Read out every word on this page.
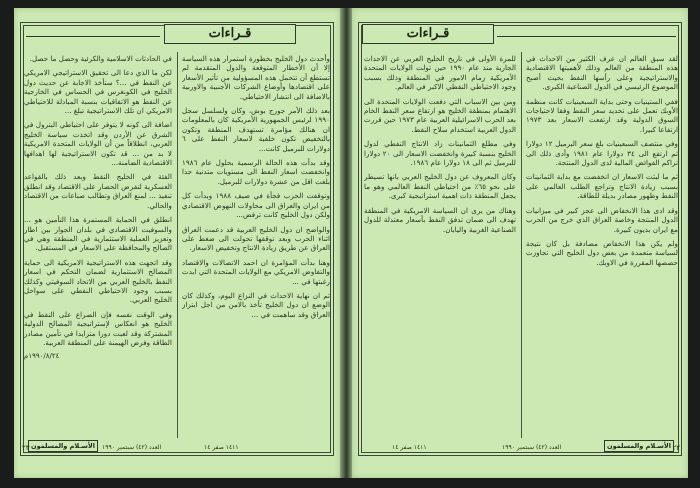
قـراءات

في الحادثات الاسلامية والكرئية وحصل ما حصل.

لكن ما الذي دعا الى تحقيق الاستراتيجي الامريكي عن النفط في ...؟ ستأخذ الاجابة عن حديث دول الخليج في الكونغرس في الحساس في الخارجية عن النفط هو الاتفاقيات بنسبة المبادلة للاحتياطي الامريكي ان تلك الاستراتيجية تبلغ ...

اضافة الى كونه لا يتوفر على احتياطي البترول في الشرق عن الأردن وقد اتخذت سياسة الخليج العربي، انطلاقاً من أن الولايات المتحدة الامريكية لا بد من ... قد تكون الاستراتيجية لها اهدافها الاقتصادية الضامنة...

الفئة في الخليج النفط وبعد ذلك بالقواعد العسكرية لتفرض الحصار على الاقتصاد وقد انطلق تنفيذ ... لمنع العراق وتطالب صناعات من الاقتصاد والحالي.

انطلق في الحماية المستمرة هذا التأمين هو ... والسوفيت الاقتصادي في بلدان الجوار بين اطار وتعزيز العملية الاستثمارية في المنطقة وهي في الصالح والمحافظة على الاسعار في المستقبل.

وقد اتجهت هذه الاستراتيجية الامريكية الى حماية المصالح الاستثمارية لضمان التحكم في اسعار النفط بالخليج العربي من الاتحاد السوفيتي وكذلك بسبب وجود الاحتياطي النفطي على سواحل الخليج العربي.

وفي الوقت نفسه فإن الصراع على النفط في الخليج هو انعكاس لإستراتيجية المصالح الدولية المشتركة وقد لعبت دورا متزايدا في تأمين مصادر الطاقة وفرض الهيمنة على المنطقة العربية.

١٩٩٠/٨/٢٤م

وأحدث دول الخليج بخطورة استمرار هذه السياسة إلا أن الأخطار المتوقعة والدول المتقدمة لم تستطع أن تتحمل هذه المسؤولية من تأثير الأسعار على اقتصادها وأوضاع الشركات الأجنبية والاوربية بالاضافة الى انتشار الاحتياطي.

بعد ذلك الأمر جورج بوش، وكان ولسلسل سجل ١٩٩٠ لرئيس الجمهورية الأمريكية كان بالمعلومات ان هنالك مؤامرة تستهدف المنطقة وتكون بالتخفيض تكون خلفية لاسعار النفط على ٦ دولارات للبرميل كانت...

وقد بدأت هذه الحالة الرسمية بحلول عام ١٩٨٦ وانخفضت اسعار النفط الى مستويات متدنية جدا بلغت اقل من عشرة دولارات للبرميل.

وتوقفت الحرب فجأة في صيف ١٩٨٨ وبدأت كل من ايران والعراق الى محاولات النهوض الاقتصادي ولكن دول الخليج كانت ترفض...

والواضح ان دول الخليج العربية قد دعمت العراق اثناء الحرب وبعد توقفها تحولت الى ضغط على العراق عن طريق زيادة الانتاج وتخفيض الاسعار.

وهنا بدأت المؤامرة ان احمد الاتصالات والاقتصاد والتفاوض الامريكي مع الولايات المتحدة التي ابدت رغبتها في ...

ثم ان نهاية الاحداث في النزاع اليوم، وكذلك كان الوضع ان دول الخليج تأخذ بالامن من اجل ابتزاز العراق وقد ساهمت في ...

الأسـلام والمسلمون	العدد (٤٢) سبتمبر ١٩٩٠	١٤١١ صفر ١٤
٢٣
قـراءات

للمرة الأولى في تاريخ الخليج العربي عن الاحداث الجارية منذ عام ١٩٩٠ حين تولت الولايات المتحدة الأمريكية زمام الامور في المنطقة وذلك بسبب وجود الاحتياطي النفطي الاكبر في العالم.

ومن بين الاسباب التي دفعت الولايات المتحدة الى الاهتمام بمنطقة الخليج هو ارتفاع سعر النفط الخام بعد الحرب الاسرائيلية العربية عام ١٩٧٣ حين قررت الدول العربية استخدام سلاح النفط.

وفي مطلع الثمانينات زاد الانتاج النفطي لدول الخليج بنسبة كبيرة وانخفضت الاسعار الى ٢٠ دولارا للبرميل ثم الى ١٨ دولارا عام ١٩٨٦.

وكان المعروف عن دول الخليج العربي بانها تسيطر على نحو ٦٥٪ من احتياطي النفط العالمي وهو ما يجعل المنطقة ذات اهمية استراتيجية كبرى.

وهناك من يرى ان السياسة الامريكية في المنطقة تهدف الى ضمان تدفق النفط بأسعار معتدلة للدول الصناعية الغربية واليابان.

لقد سبق العالم ان عرف الكثير من الاحداث في هذه المنطقة من العالم وذلك لأهميتها الاقتصادية والاستراتيجية وعلى رأسها النفط بحيث أصبح الموضوع الرئيسي في الدول الصناعية الكبرى.

ففي الستينيات وحتى بداية السبعينيات كانت منظمة الأوبك تعمل على تحديد سعر النفط وفقا لاحتياجات السوق الدولية وقد ارتفعت الاسعار بعد ١٩٧٣ ارتفاعا كبيرا.

وفي منتصف السبعينيات بلغ سعر البرميل ١٢ دولارا ثم ارتفع الى ٣٤ دولارا عام ١٩٨١ وأدى ذلك الى تراكم الفوائض المالية لدى الدول المنتجة.

ثم ما لبثت الاسعار ان انخفضت مع بداية الثمانينات بسبب زيادة الانتاج وتراجع الطلب العالمي على النفط وظهور مصادر بديلة للطاقة.

وقد ادى هذا الانخفاض الى عجز كبير في ميزانيات الدول المنتجة وخاصة العراق الذي خرج من الحرب مع ايران بديون كبيرة.

ولم يكن هذا الانخفاض مصادفة بل كان نتيجة لسياسة متعمدة من بعض دول الخليج التي تجاوزت حصصها المقررة في الاوبك.

الأسـلام والمسلمون
١٤١١ صفر ١٤	العدد (٤٢) سبتمبر ١٩٩٠	٢٢
